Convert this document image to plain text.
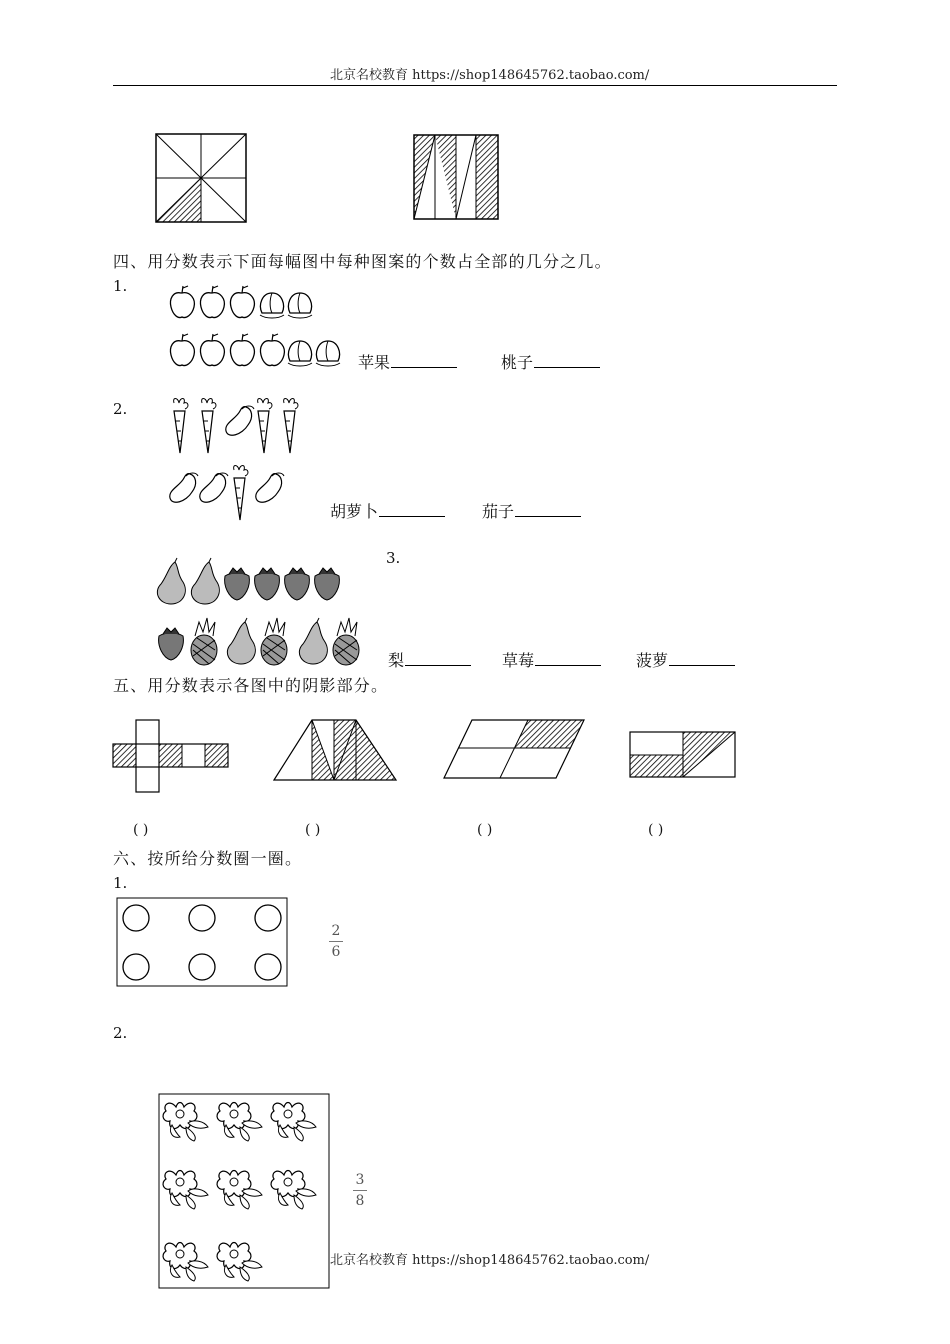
北京名校教育 https://shop148645762.taobao.com/
四、用分数表示下面每幅图中每种图案的个数占全部的几分之几。
1.
苹果	桃子
2.
胡萝卜	茄子
3.
梨	草莓	菠萝
五、用分数表示各图中的阴影部分。
( )	( )	( )	( )
六、按所给分数圈一圈。
1.
2
6
2.
3
8
北京名校教育 https://shop148645762.taobao.com/
